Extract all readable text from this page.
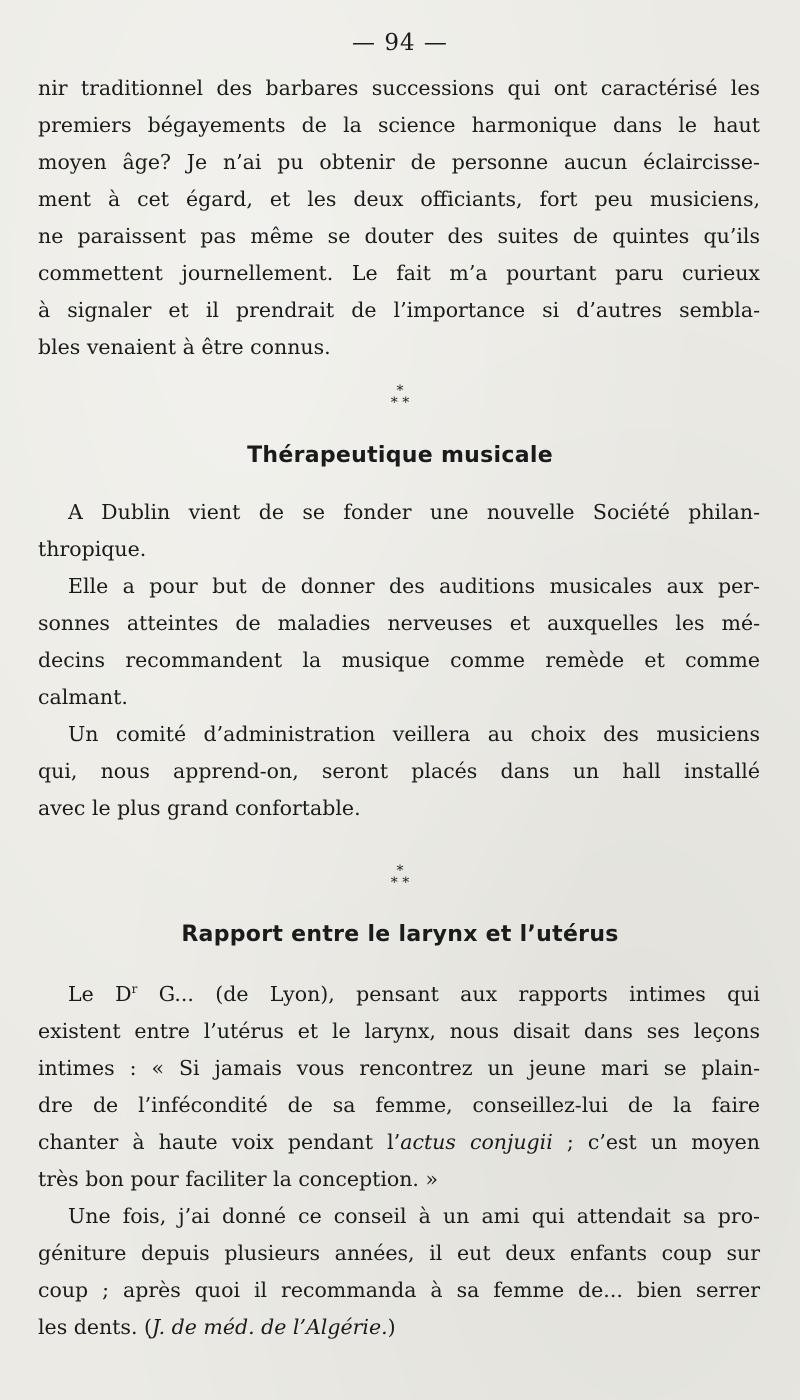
— 94 —
nir traditionnel des barbares successions qui ont caractérisé les
premiers bégayements de la science harmonique dans le haut
moyen âge? Je n’ai pu obtenir de personne aucun éclaircisse-
ment à cet égard, et les deux officiants, fort peu musiciens,
ne paraissent pas même se douter des suites de quintes qu’ils
commettent journellement. Le fait m’a pourtant paru curieux
à signaler et il prendrait de l’importance si d’autres sembla-
bles venaient à être connus.
*
* *
Thérapeutique musicale
A Dublin vient de se fonder une nouvelle Société philan-
thropique.
Elle a pour but de donner des auditions musicales aux per-
sonnes atteintes de maladies nerveuses et auxquelles les mé-
decins recommandent la musique comme remède et comme
calmant.
Un comité d’administration veillera au choix des musiciens
qui, nous apprend-on, seront placés dans un hall installé
avec le plus grand confortable.
*
* *
Rapport entre le larynx et l’utérus
Le $D^r$ G... (de Lyon), pensant aux rapports intimes qui
existent entre l’utérus et le larynx, nous disait dans ses leçons
intimes : « Si jamais vous rencontrez un jeune mari se plain-
dre de l’infécondité de sa femme, conseillez-lui de la faire
chanter à haute voix pendant l’actus conjugii ; c’est un moyen
très bon pour faciliter la conception. »
Une fois, j’ai donné ce conseil à un ami qui attendait sa pro-
géniture depuis plusieurs années, il eut deux enfants coup sur
coup ; après quoi il recommanda à sa femme de... bien serrer
les dents. (J. de méd. de l’Algérie.)
